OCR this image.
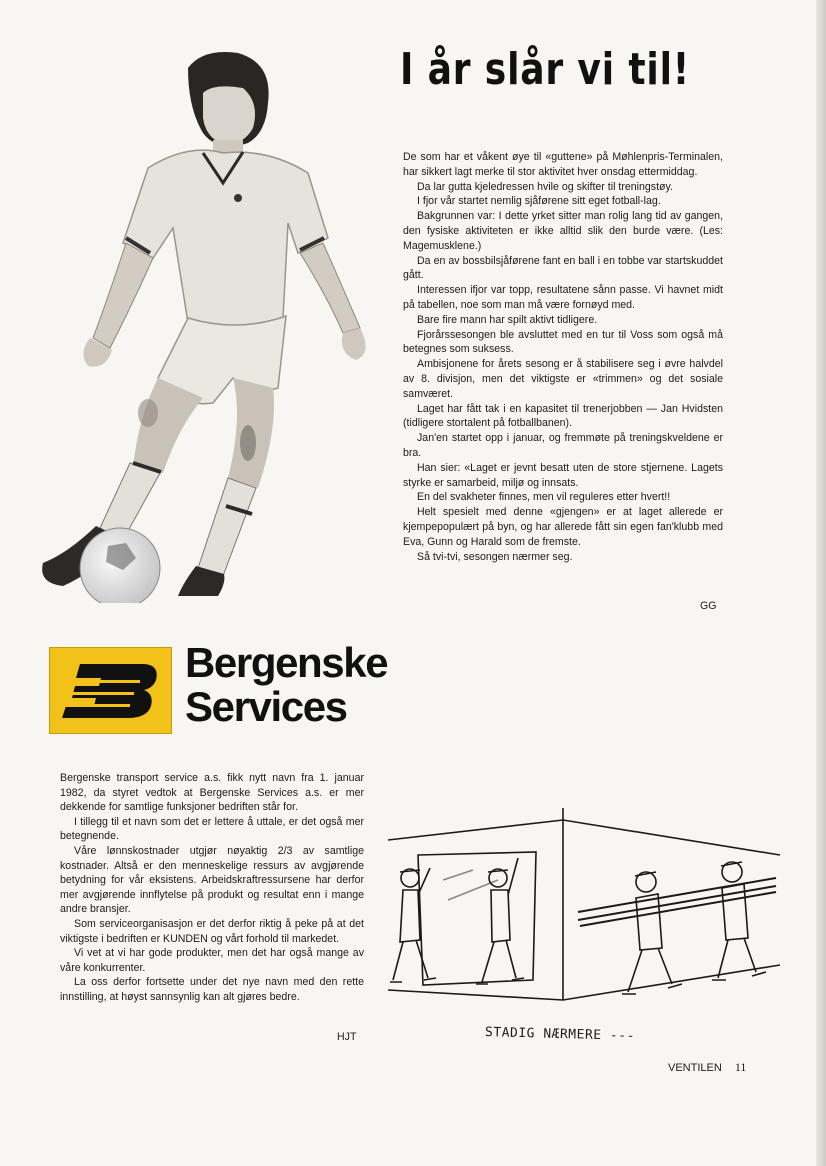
I år slår vi til!

De som har et våkent øye til «guttene» på Møhlenpris-Terminalen, har sikkert lagt merke til stor aktivitet hver onsdag ettermiddag.

Da lar gutta kjeledressen hvile og skifter til treningstøy.

I fjor vår startet nemlig sjåførene sitt eget fotball-lag.

Bakgrunnen var: I dette yrket sitter man rolig lang tid av gangen, den fysiske aktiviteten er ikke alltid slik den burde være. (Les: Magemusklene.)

Da en av bossbilsjåførene fant en ball i en tobbe var startskuddet gått.

Interessen ifjor var topp, resultatene sånn passe. Vi havnet midt på tabellen, noe som man må være fornøyd med.

Bare fire mann har spilt aktivt tidligere.

Fjorårssesongen ble avsluttet med en tur til Voss som også må betegnes som suksess.

Ambisjonene for årets sesong er å stabilisere seg i øvre halvdel av 8. divisjon, men det viktigste er «trimmen» og det sosiale samværet.

Laget har fått tak i en kapasitet til trenerjobben — Jan Hvidsten (tidligere stortalent på fotballbanen).

Jan'en startet opp i januar, og fremmøte på treningskveldene er bra.

Han sier: «Laget er jevnt besatt uten de store stjernene. Lagets styrke er samarbeid, miljø og innsats.

En del svakheter finnes, men vil reguleres etter hvert!!

Helt spesielt med denne «gjengen» er at laget allerede er kjempepopulært på byn, og har allerede fått sin egen fan'klubb med Eva, Gunn og Harald som de fremste.

Så tvi-tvi, sesongen nærmer seg.

GG
Bergenske
Services

Bergenske transport service a.s. fikk nytt navn fra 1. januar 1982, da styret vedtok at Bergenske Services a.s. er mer dekkende for samtlige funksjoner bedriften står for.

I tillegg til et navn som det er lettere å uttale, er det også mer betegnende.

Våre lønnskostnader utgjør nøyaktig 2/3 av samtlige kostnader. Altså er den menneskelige ressurs av avgjørende betydning for vår eksistens. Arbeidskraftressursene har derfor mer avgjørende innflytelse på produkt og resultat enn i mange andre bransjer.

Som serviceorganisasjon er det derfor riktig å peke på at det viktigste i bedriften er KUNDEN og vårt forhold til markedet.

Vi vet at vi har gode produkter, men det har også mange av våre konkurrenter.

La oss derfor fortsette under det nye navn med den rette innstilling, at høyst sannsynlig kan alt gjøres bedre.

HJT	STADIG NÆRMERE ---
VENTILEN 11
